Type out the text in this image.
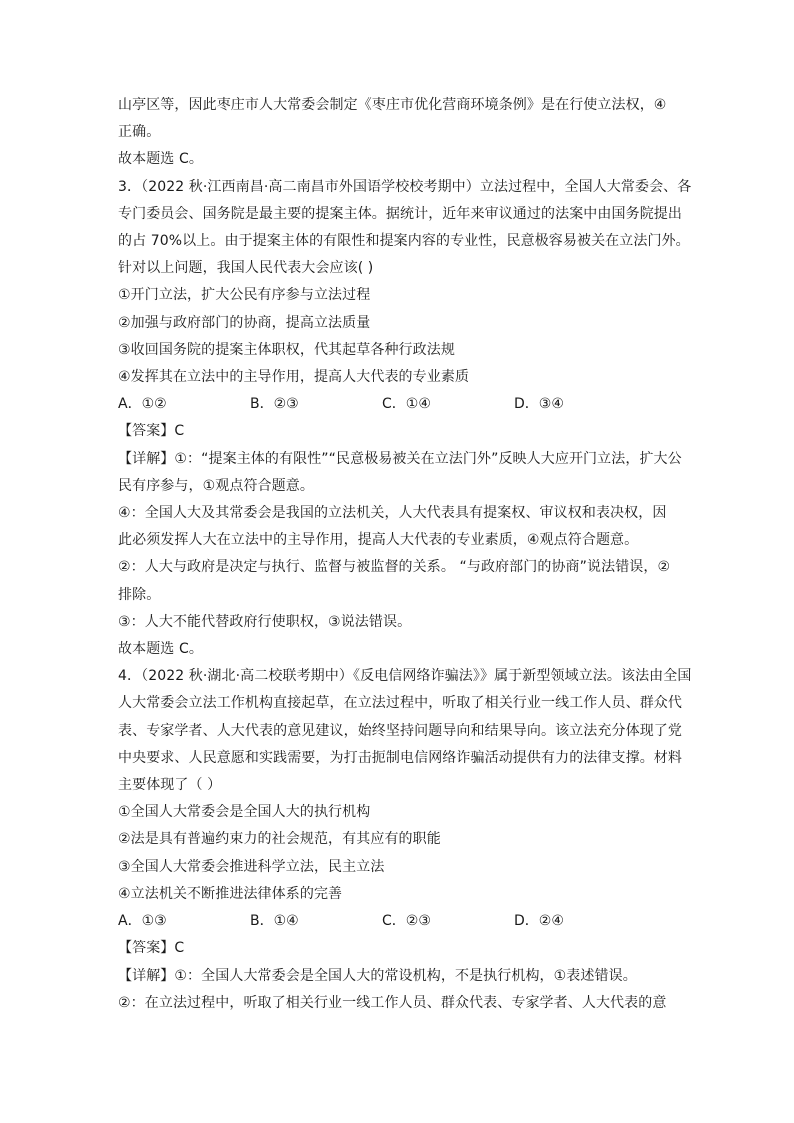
山亭区等，因此枣庄市人大常委会制定《枣庄市优化营商环境条例》是在行使立法权，④
正确。
故本题选 C。
3．（2022 秋·江西南昌·高二南昌市外国语学校校考期中）立法过程中，全国人大常委会、各
专门委员会、国务院是最主要的提案主体。据统计，近年来审议通过的法案中由国务院提出
的占 70%以上。由于提案主体的有限性和提案内容的专业性，民意极容易被关在立法门外。
针对以上问题，我国人民代表大会应该( )
①开门立法，扩大公民有序参与立法过程
②加强与政府部门的协商，提高立法质量
③收回国务院的提案主体职权，代其起草各种行政法规
④发挥其在立法中的主导作用，提高人大代表的专业素质
A．①②	B．②③	C．①④	D．③④
【答案】C
【详解】①：“提案主体的有限性”“民意极易被关在立法门外”反映人大应开门立法，扩大公
民有序参与，①观点符合题意。
④：全国人大及其常委会是我国的立法机关，人大代表具有提案权、审议权和表决权，因
此必须发挥人大在立法中的主导作用，提高人大代表的专业素质，④观点符合题意。
②：人大与政府是决定与执行、监督与被监督的关系。 “与政府部门的协商”说法错误，②
排除。
③：人大不能代替政府行使职权，③说法错误。
故本题选 C。
4．（2022 秋·湖北·高二校联考期中）《反电信网络诈骗法》》属于新型领域立法。该法由全国
人大常委会立法工作机构直接起草，在立法过程中，听取了相关行业一线工作人员、群众代
表、专家学者、人大代表的意见建议，始终坚持问题导向和结果导向。该立法充分体现了党
中央要求、人民意愿和实践需要，为打击扼制电信网络诈骗活动提供有力的法律支撑。材料
主要体现了（ ）
①全国人大常委会是全国人大的执行机构
②法是具有普遍约束力的社会规范，有其应有的职能
③全国人大常委会推进科学立法，民主立法
④立法机关不断推进法律体系的完善
A．①③	B．①④	C．②③	D．②④
【答案】C
【详解】①：全国人大常委会是全国人大的常设机构，不是执行机构，①表述错误。
②：在立法过程中，听取了相关行业一线工作人员、群众代表、专家学者、人大代表的意
